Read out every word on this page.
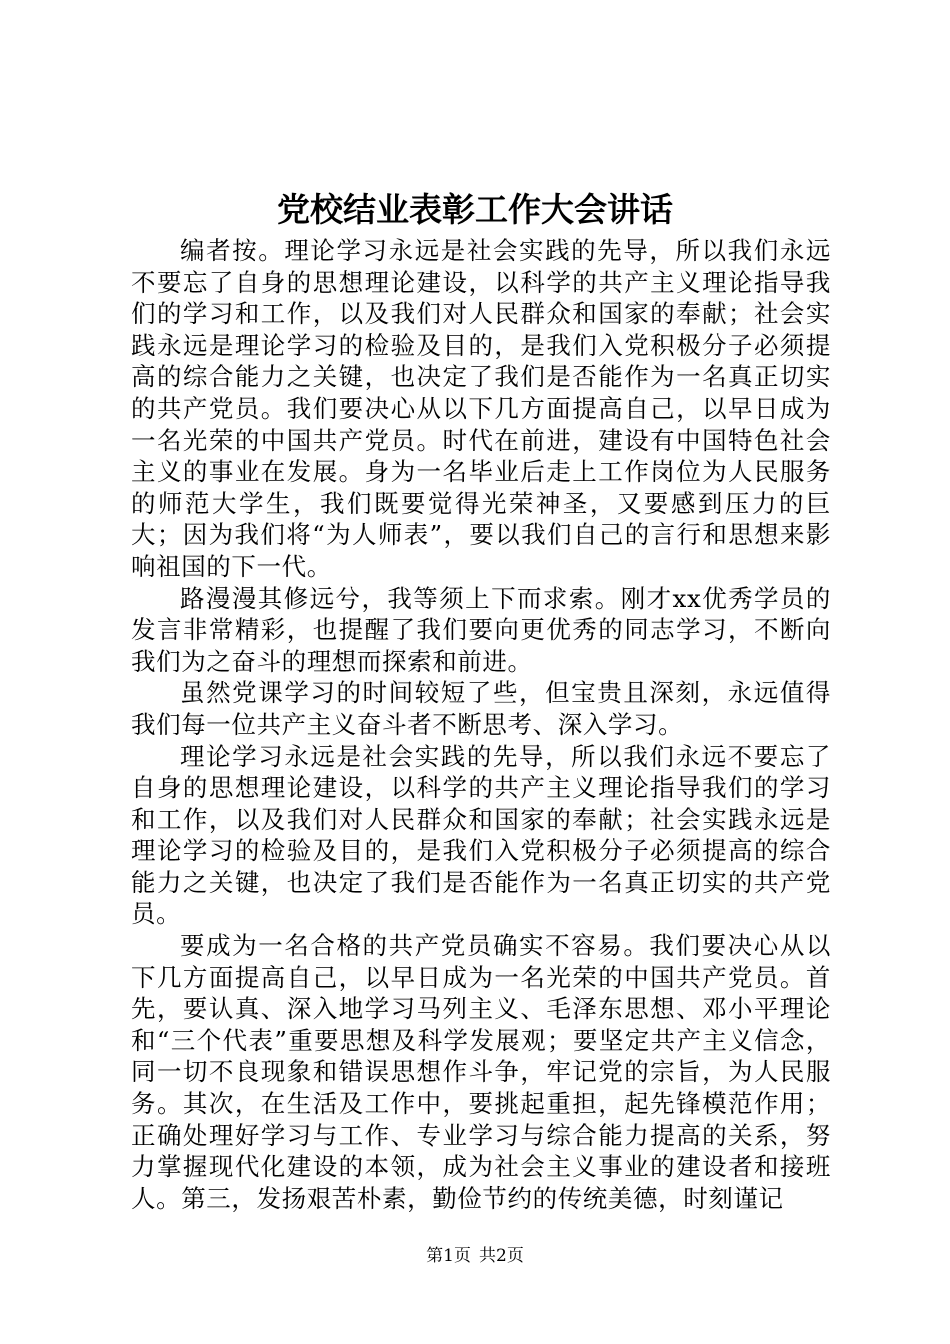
党校结业表彰工作大会讲话

编者按。理论学习永远是社会实践的先导，所以我们永远不要忘了自身的思想理论建设，以科学的共产主义理论指导我们的学习和工作，以及我们对人民群众和国家的奉献；社会实践永远是理论学习的检验及目的，是我们入党积极分子必须提高的综合能力之关键，也决定了我们是否能作为一名真正切实的共产党员。我们要决心从以下几方面提高自己，以早日成为一名光荣的中国共产党员。时代在前进，建设有中国特色社会主义的事业在发展。身为一名毕业后走上工作岗位为人民服务的师范大学生，我们既要觉得光荣神圣，又要感到压力的巨大；因为我们将“为人师表”，要以我们自己的言行和思想来影响祖国的下一代。

路漫漫其修远兮，我等须上下而求索。刚才xx优秀学员的发言非常精彩，也提醒了我们要向更优秀的同志学习，不断向我们为之奋斗的理想而探索和前进。

虽然党课学习的时间较短了些，但宝贵且深刻，永远值得我们每一位共产主义奋斗者不断思考、深入学习。

理论学习永远是社会实践的先导，所以我们永远不要忘了自身的思想理论建设，以科学的共产主义理论指导我们的学习和工作，以及我们对人民群众和国家的奉献；社会实践永远是理论学习的检验及目的，是我们入党积极分子必须提高的综合能力之关键，也决定了我们是否能作为一名真正切实的共产党员。

要成为一名合格的共产党员确实不容易。我们要决心从以下几方面提高自己，以早日成为一名光荣的中国共产党员。首先，要认真、深入地学习马列主义、毛泽东思想、邓小平理论和“三个代表”重要思想及科学发展观；要坚定共产主义信念，同一切不良现象和错误思想作斗争，牢记党的宗旨，为人民服务。其次，在生活及工作中，要挑起重担，起先锋模范作用；正确处理好学习与工作、专业学习与综合能力提高的关系，努力掌握现代化建设的本领，成为社会主义事业的建设者和接班人。第三，发扬艰苦朴素，勤俭节约的传统美德，时刻谨记

第1页 共2页
